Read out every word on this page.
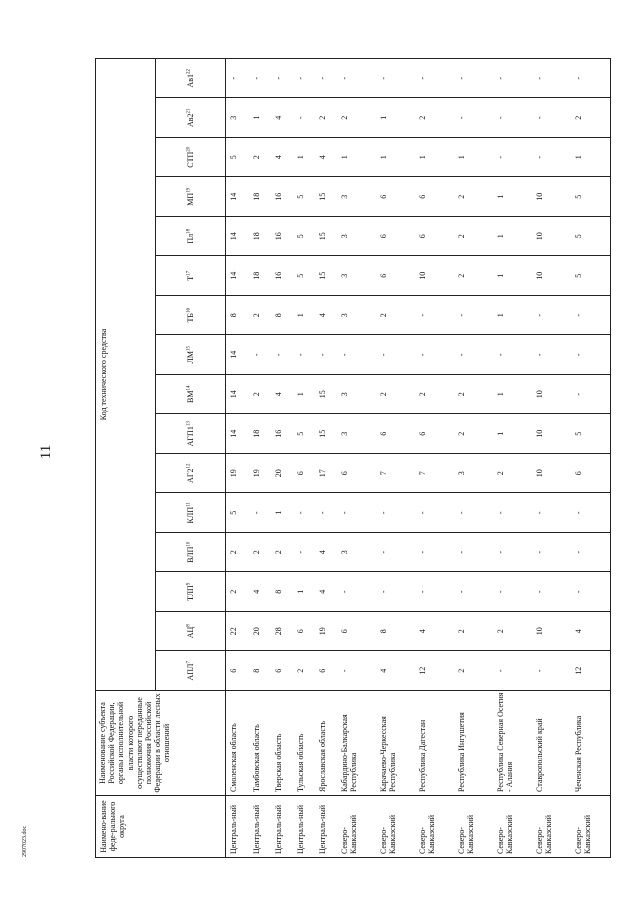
11
2907023.doc	Наимено-вание феде-рального округа	Наименование субъекта Российской Федерации, органы исполнительной власти которого осуществляют переданные полномочия Российской Федерации в области лесных отношений	Код технического средства															
		АПЛ$^7$	$АЦ^8$	ТЛП$^9$	ВЛП$^{10}$	КЛП$^{11}$	$АГ2^{12}$	$АГП1^{13}$	ВМ$^{14}$	ЛМ$^{15}$	ТБ$^{16}$	$Т^{17}$	$Пл^{18}$	МП$^{19}$	СТП$^{20}$	$Ав2^{21}$	$Ав1^{22}$
Централь-ный	Смоленская область	6	22	2	2	5	19	14	14	14	8	14	14	14	5	3	-
Централь-ный	Тамбовская область	8	20	4	2	-	19	18	2	-	2	18	18	18	2	1	-
Централь-ный	Тверская область	6	28	8	2	1	20	16	4	-	8	16	16	16	4	4	-
Централь-ный	Тульская область	2	6	1	-	-	6	5	1	-	1	5	5	5	1	-	-
Централь-ный	Ярославская область	6	19	4	4	-	17	15	15	-	4	15	15	15	4	2	-
Северо-Кавказский	Кабардино-Балкарская Республика	-	6	-	3	-	6	3	3	-	3	3	3	3	1	2	-
Северо-Кавказский	Карачаево-Черкесская Республика	4	8	-	-	-	7	6	2	-	2	6	6	6	1	1	-
Северо-Кавказский	Республика Дагестан	12	4	-	-	-	7	6	2	-	-	10	6	6	1	2	-
Северо-Кавказский	Республика Ингушетия	2	2	-	-	-	3	2	2	-	-	2	2	2	1	-	-
Северо-Кавказский	Республика Северная Осетия - Алания	-	2	-	-	-	2	1	1	-	1	1	1	1	-	-	-
Северо-Кавказский	Ставропольский край	-	10	-	-	-	10	10	10	-	-	10	10	10	-	-	-
Северо-Кавказский	Чеченская Республика	12	4	-	-	-	6	5	-	-	-	5	5	5	1	2	-
